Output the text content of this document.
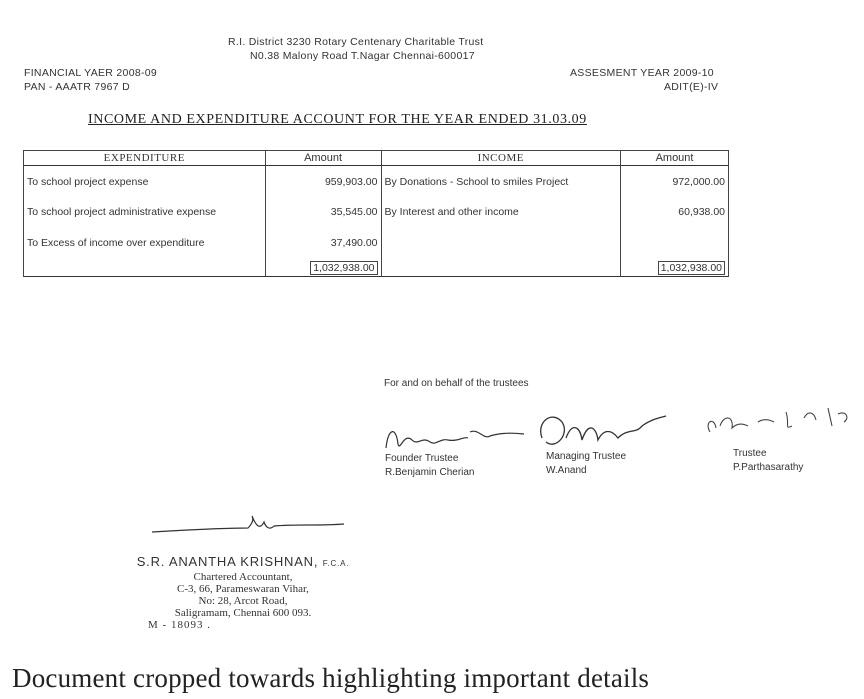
R.I. District 3230 Rotary Centenary Charitable Trust
N0.38 Malony Road T.Nagar Chennai-600017
FINANCIAL YAER 2008-09
PAN - AAATR 7967 D
ASSESMENT YEAR 2009-10
ADIT(E)-IV
INCOME AND EXPENDITURE ACCOUNT FOR THE YEAR ENDED 31.03.09
EXPENDITURE	Amount	INCOME	Amount
To school project expense	959,903.00	By Donations - School to smiles Project	972,000.00
To school project administrative expense	35,545.00	By Interest and other income	60,938.00
To Excess of income over expenditure	37,490.00		
	1,032,938.00		1,032,938.00
For and on behalf of the trustees
Founder Trustee
R.Benjamin Cherian
Managing Trustee
W.Anand
Trustee
P.Parthasarathy
S.R. ANANTHA KRISHNAN, F.C.A.
Chartered Accountant,
C-3, 66, Parameswaran Vihar,
No: 28, Arcot Road,
Saligramam, Chennai 600 093.
M - 18093 .
Document cropped towards highlighting important details
